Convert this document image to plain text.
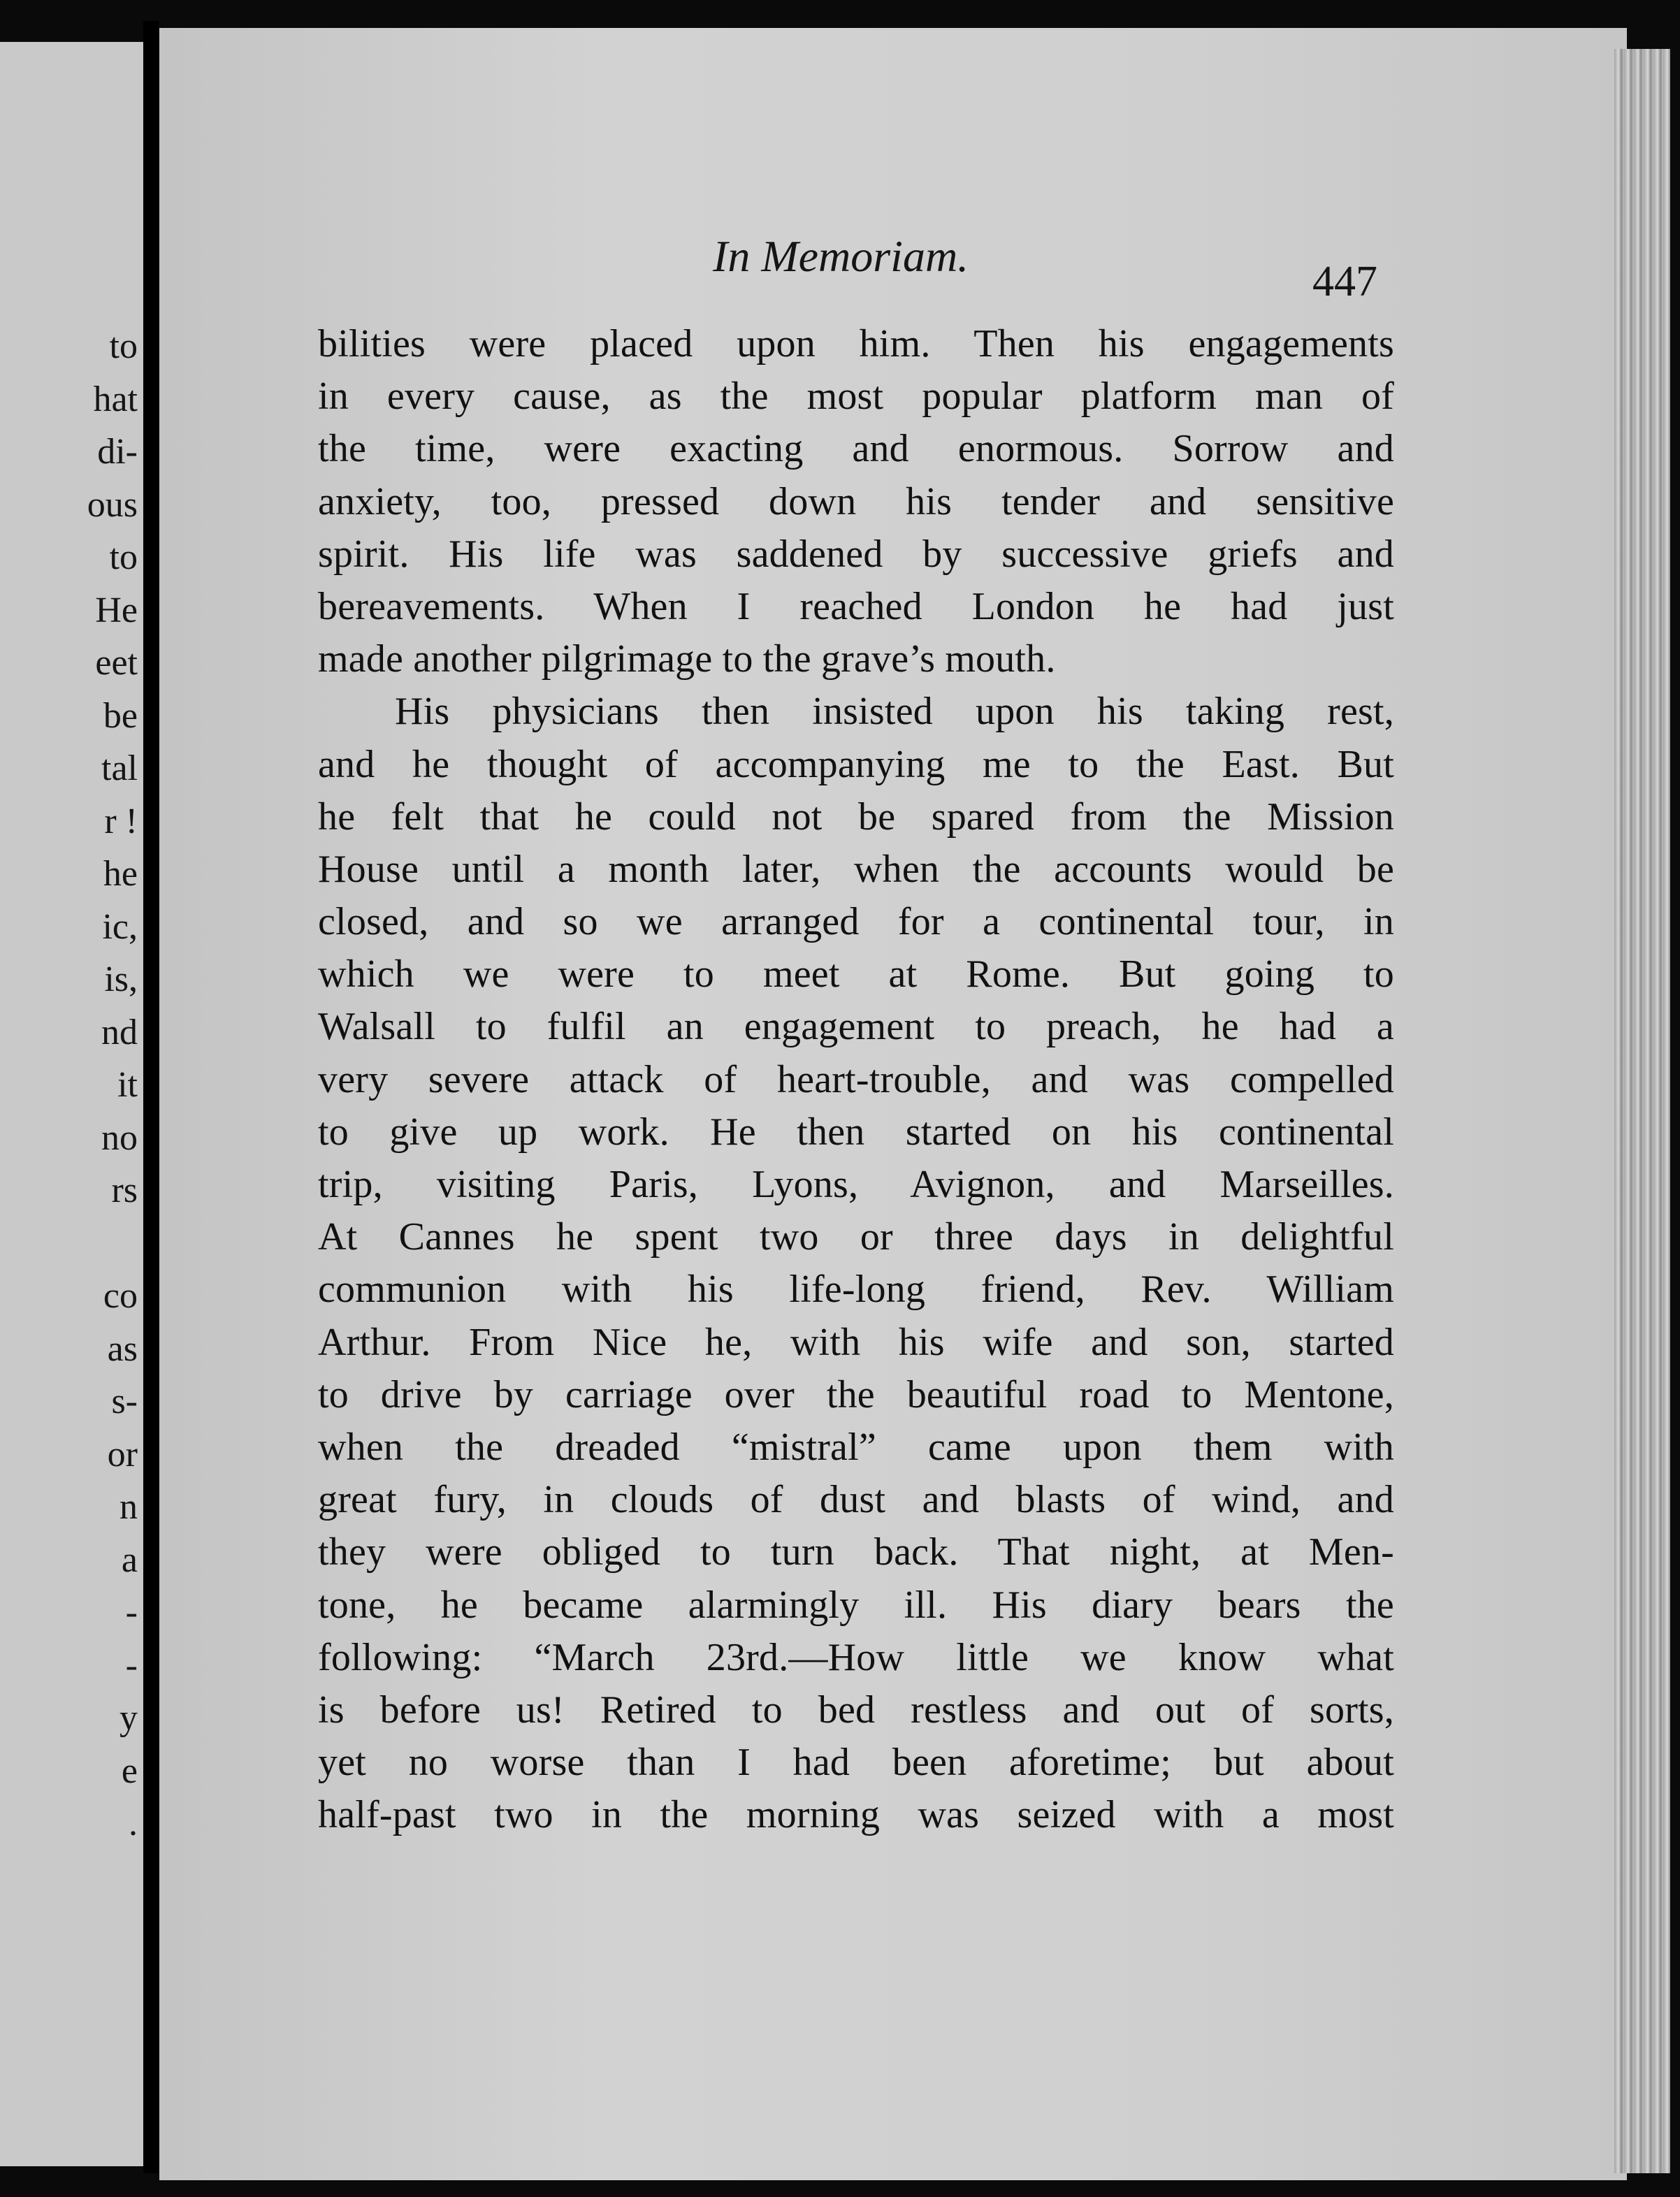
to
hat
di-
ous
to
He
eet
be
tal
r !
he
ic,
is,
nd
it
no
rs
co
as
s-
or
n
a
-
-
y
e
.
In Memoriam.
447
bilities were placed upon him. Then his engagements
in every cause, as the most popular platform man of
the time, were exacting and enormous. Sorrow and
anxiety, too, pressed down his tender and sensitive
spirit. His life was saddened by successive griefs and
bereavements. When I reached London he had just
made another pilgrimage to the grave’s mouth.
His physicians then insisted upon his taking rest,
and he thought of accompanying me to the East. But
he felt that he could not be spared from the Mission
House until a month later, when the accounts would be
closed, and so we arranged for a continental tour, in
which we were to meet at Rome. But going to
Walsall to fulfil an engagement to preach, he had a
very severe attack of heart-trouble, and was compelled
to give up work. He then started on his continental
trip, visiting Paris, Lyons, Avignon, and Marseilles.
At Cannes he spent two or three days in delightful
communion with his life-long friend, Rev. William
Arthur. From Nice he, with his wife and son, started
to drive by carriage over the beautiful road to Mentone,
when the dreaded “mistral” came upon them with
great fury, in clouds of dust and blasts of wind, and
they were obliged to turn back. That night, at Men-
tone, he became alarmingly ill. His diary bears the
following: “March 23rd.—How little we know what
is before us! Retired to bed restless and out of sorts,
yet no worse than I had been aforetime; but about
half-past two in the morning was seized with a most
